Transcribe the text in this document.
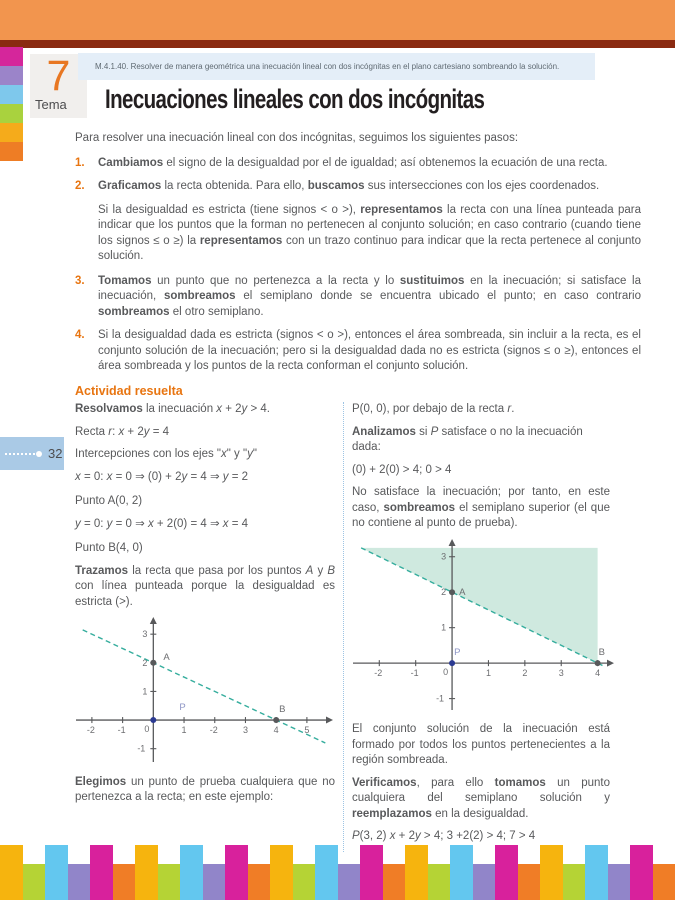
7
Tema
M.4.1.40. Resolver de manera geométrica una inecuación lineal con dos incógnitas en el plano cartesiano sombreando la solución.
Inecuaciones lineales con dos incógnitas
Para resolver una inecuación lineal con dos incógnitas, seguimos los siguientes pasos:
1.	Cambiamos el signo de la desigualdad por el de igualdad; así obtenemos la ecuación de una recta.
2.	Graficamos la recta obtenida. Para ello, buscamos sus intersecciones con los ejes coordenados.
Si la desigualdad es estricta (tiene signos < o >), representamos la recta con una línea punteada para indicar que los puntos que la forman no pertenecen al conjunto solución; en caso contrario (cuando tiene los signos ≤ o ≥) la representamos con un trazo continuo para indicar que la recta pertenece al conjunto solución.
3.	Tomamos un punto que no pertenezca a la recta y lo sustituimos en la inecuación; si satisface la inecuación, sombreamos el semiplano donde se encuentra ubicado el punto; en caso contrario sombreamos el otro semiplano.
4.	Si la desigualdad dada es estricta (signos < o >), entonces el área sombreada, sin incluir a la recta, es el conjunto solución de la inecuación; pero si la desigualdad dada no es estricta (signos ≤ o ≥), entonces el área sombreada y los puntos de la recta conforman el conjunto solución.
Actividad resuelta
Resolvamos la inecuación x + 2y > 4.
Recta r: x + 2y = 4
Intercepciones con los ejes "x" y "y"
x = 0: x = 0 ⇒ (0) + 2y = 4 ⇒ y = 2
Punto A(0, 2)
y = 0: y = 0 ⇒ x + 2(0) = 4 ⇒ x = 4
Punto B(4, 0)
Trazamos la recta que pasa por los puntos A y B con línea punteada porque la desigualdad es estricta (>).
-2	-1	1	-2	3	4	5
-1
1
2
3
0
A
B
P
Elegimos un punto de prueba cualquiera que no pertenezca a la recta; en este ejemplo:
P(0, 0), por debajo de la recta r.
Analizamos si P satisface o no la inecuación dada:
(0) + 2(0) > 4; 0 > 4
No satisface la inecuación; por tanto, en este caso, sombreamos el semiplano superior (el que no contiene al punto de prueba).
-2	-1	1	2	3	4
-1
1
2
3
0
A
B
P
El conjunto solución de la inecuación está formado por todos los puntos pertenecientes a la región sombreada.
Verificamos, para ello tomamos un punto cualquiera del semiplano solución y reemplazamos en la desigualdad.
P(3, 2) x + 2y > 4; 3 +2(2) > 4; 7 > 4
32
